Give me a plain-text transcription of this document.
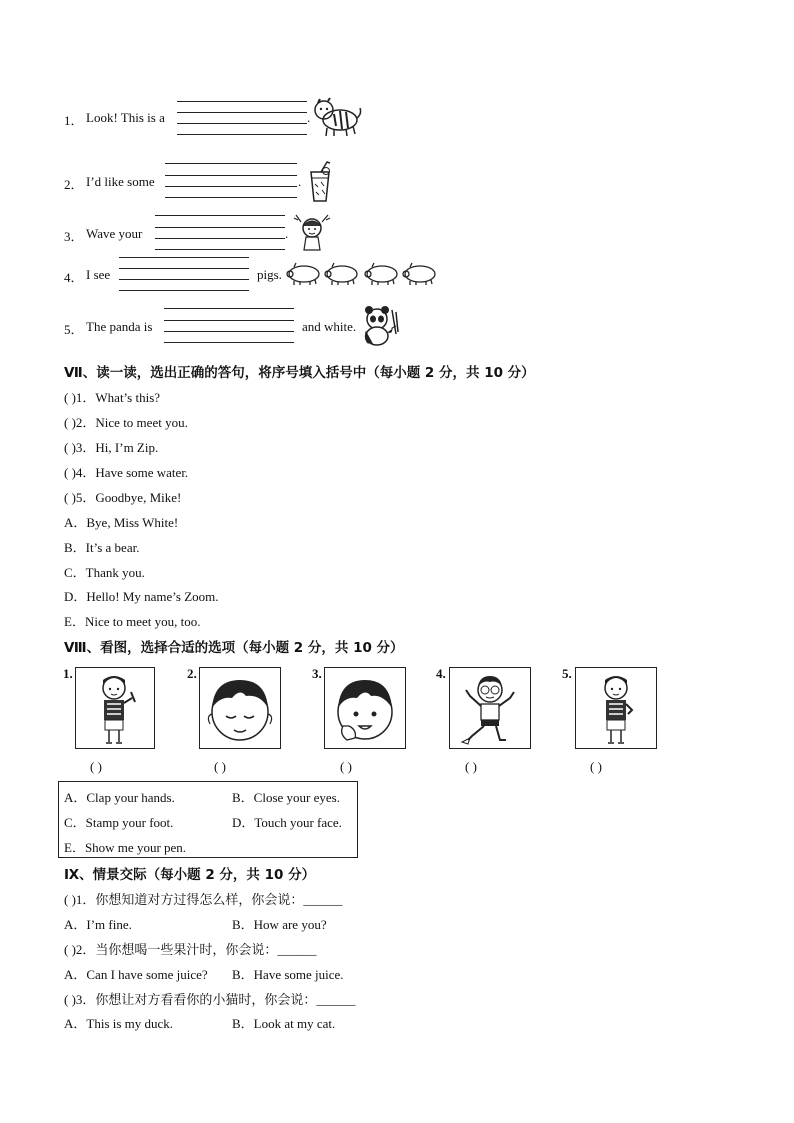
1． Look! This is a	.
2． I’d like some	.
3． Wave your	.
4． I see	pigs.
5． The panda is	and white.
Ⅶ、读一读，选出正确的答句，将序号填入括号中（每小题 2 分，共 10 分）
( )1．What’s this?
( )2．Nice to meet you.
( )3．Hi, I’m Zip.
( )4．Have some water.
( )5．Goodbye, Mike!
A．Bye, Miss White!
B．It’s a bear.
C．Thank you.
D．Hello! My name’s Zoom.
E．Nice to meet you, too.
Ⅷ、看图，选择合适的选项（每小题 2 分，共 10 分）
1.
( )
2.
( )
3.
( )
4.
( )
5.
( )
A．Clap your hands.	B．Close your eyes.
C．Stamp your foot.	D．Touch your face.
E．Show me your pen.
Ⅸ、情景交际（每小题 2 分，共 10 分）
( )1．你想知道对方过得怎么样，你会说：______
A．I’m fine.	B．How are you?
( )2．当你想喝一些果汁时，你会说：______
A．Can I have some juice? B．Have some juice.
( )3．你想让对方看看你的小猫时，你会说：______
A．This is my duck.	B．Look at my cat.
